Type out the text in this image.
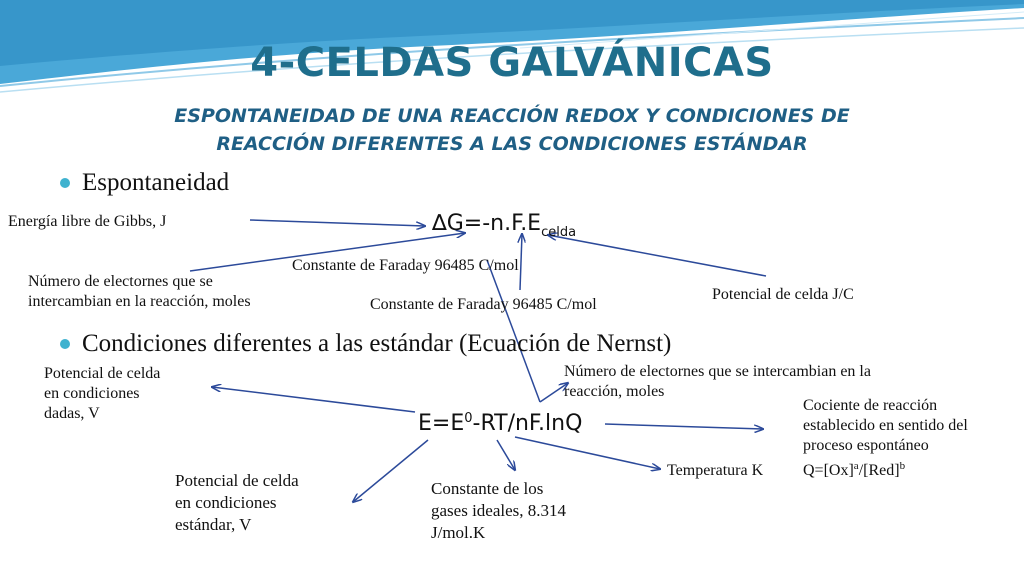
4-CELDAS GALVÁNICAS
ESPONTANEIDAD DE UNA REACCIÓN REDOX Y CONDICIONES DE
REACCIÓN DIFERENTES A LAS CONDICIONES ESTÁNDAR
Espontaneidad
Energía libre de Gibbs, J	$\Delta G=-n.F.E_{celda}$
Constante de Faraday 96485 C/mol
Número de electornes que se
intercambian en la reacción, moles	Constante de Faraday 96485 C/mol
Potencial de celda J/C
Condiciones diferentes a las estándar (Ecuación de Nernst)
Potencial de celda
en condiciones
dadas, V
Número de electornes que se intercambian en la
reacción, moles
$E=E^0-RT/nF.\ln Q$
Cociente de reacción
establecido en sentido del
proceso espontáneo
$Q=[Ox]^a/[Red]^b$
Temperatura K
Potencial de celda
en condiciones
estándar, V
Constante de los
gases ideales, 8.314
J/mol.K
